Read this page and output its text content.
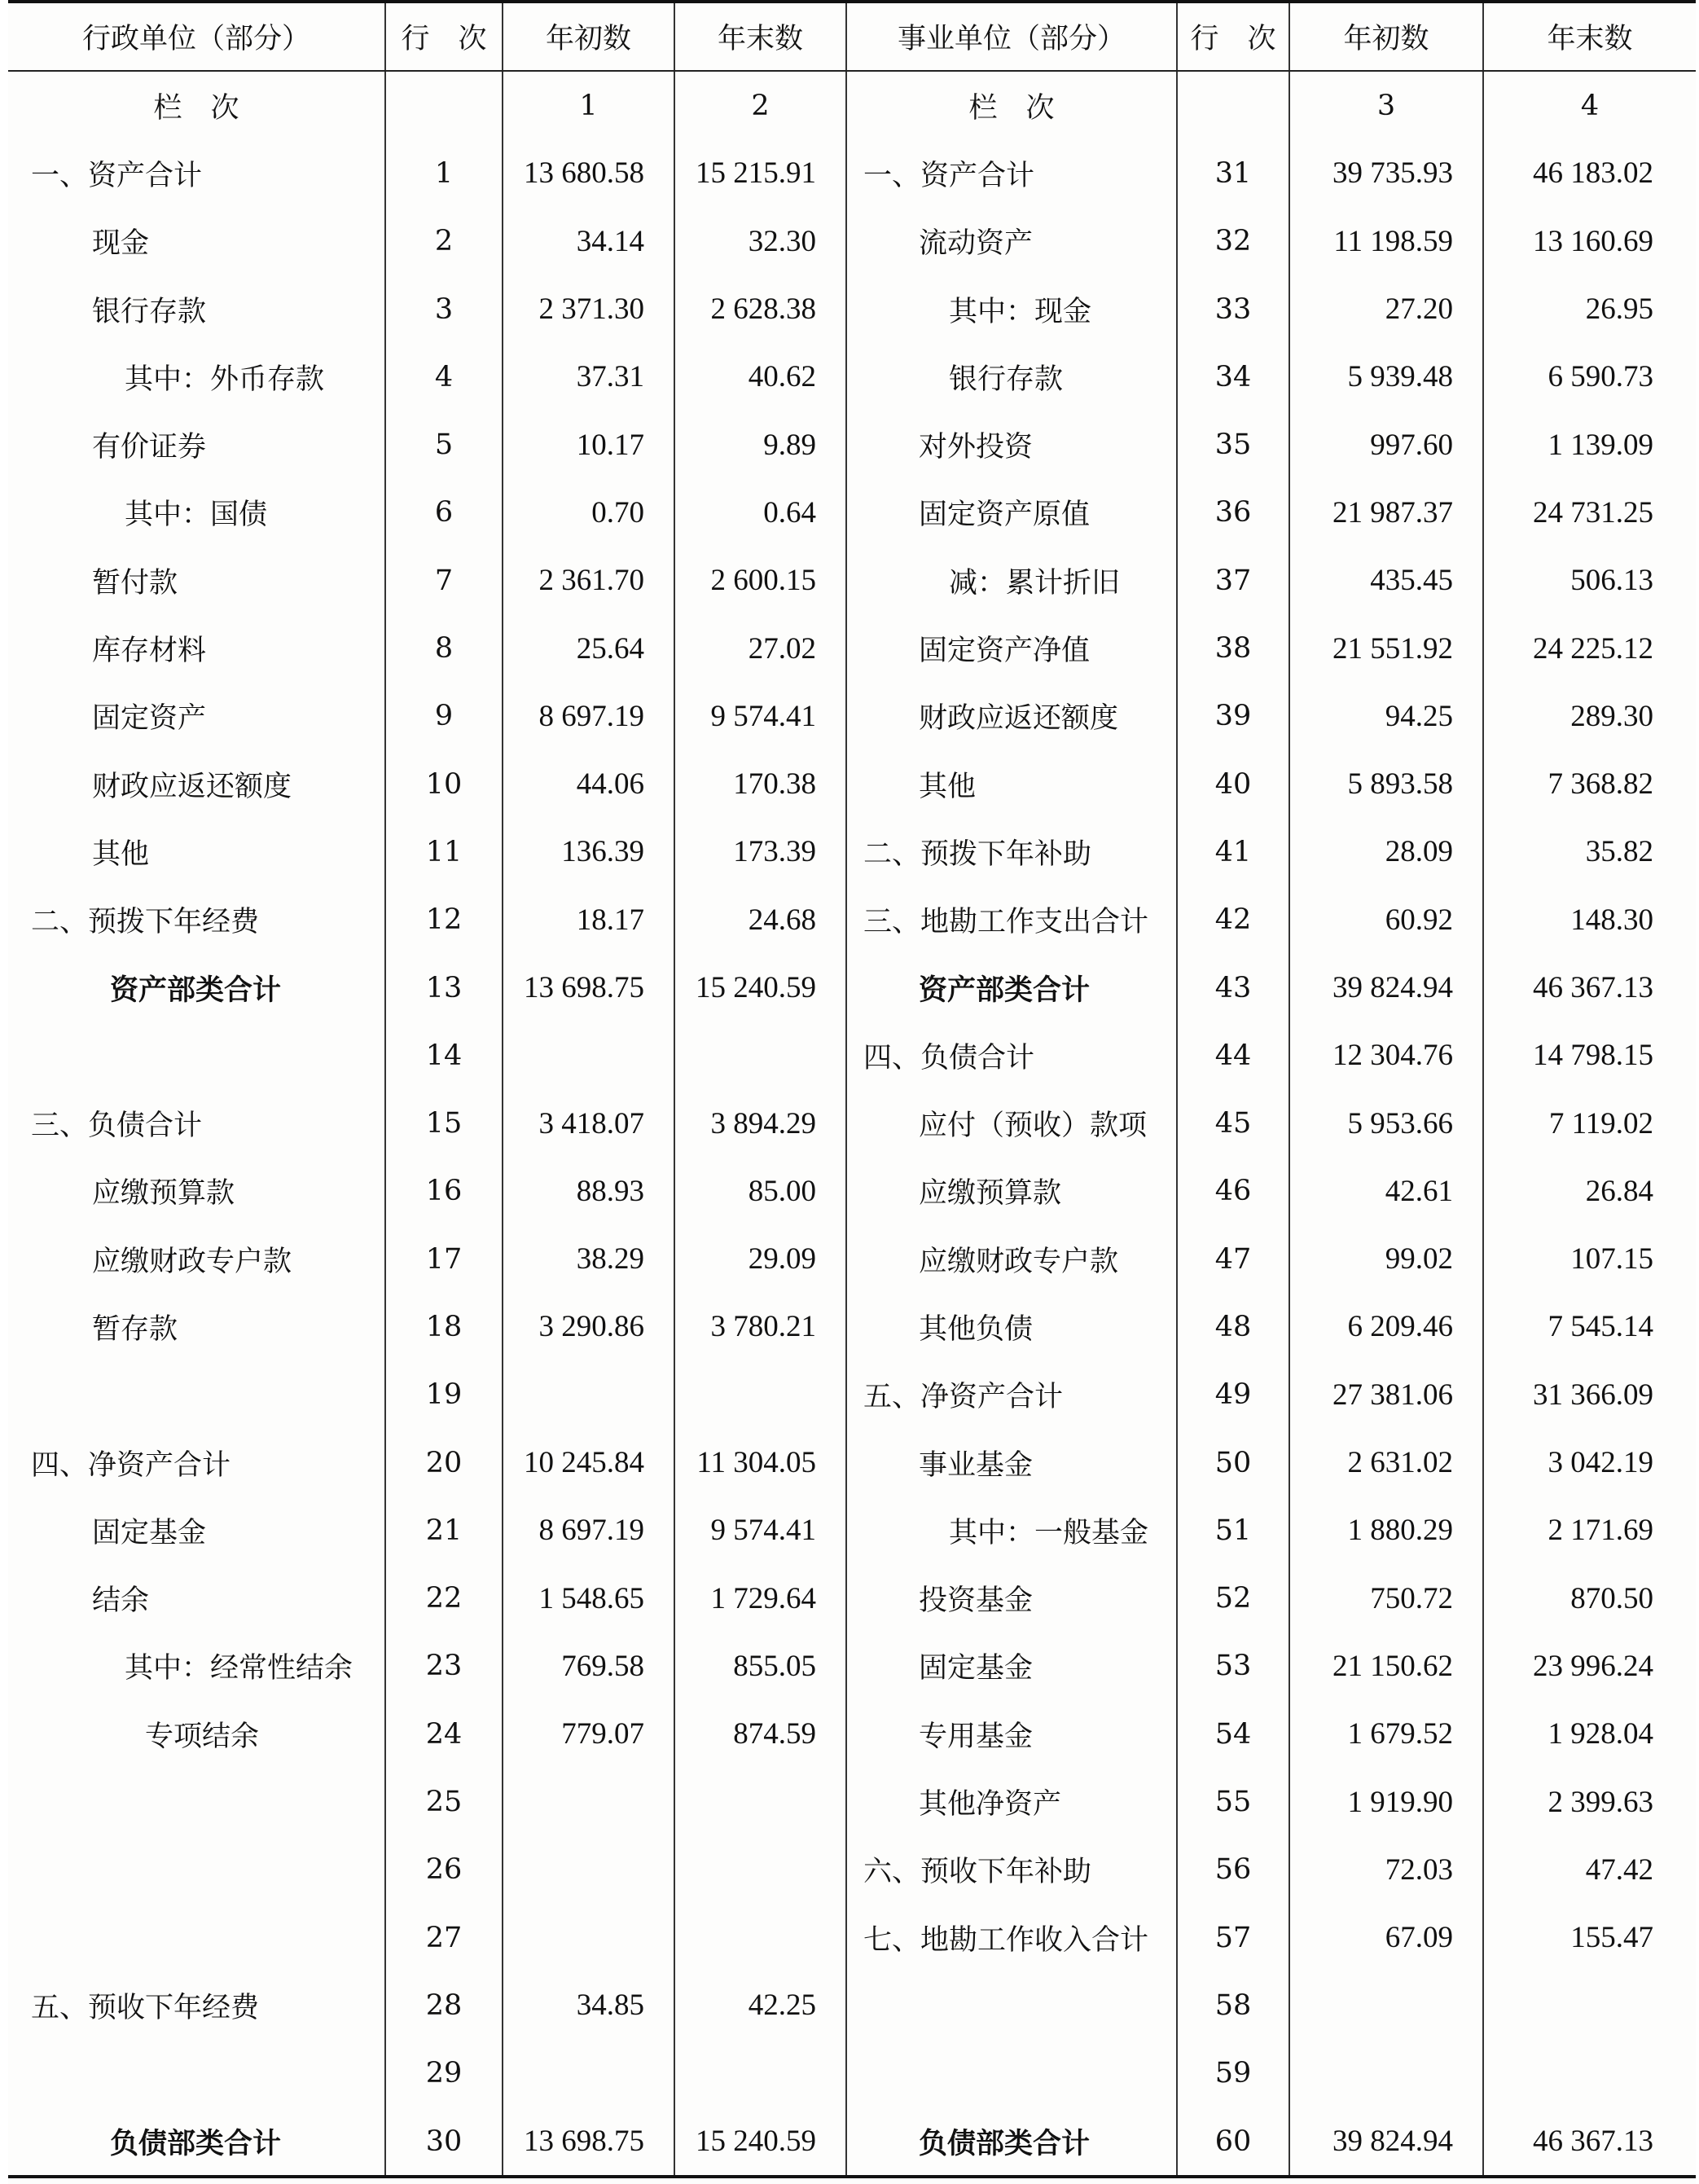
行政单位（部分）	行　次	年初数	年末数	事业单位（部分）	行　次	年初数	年末数
栏　次		1	2	栏　次		3	4
一、资产合计	1	13 680.58	15 215.91	一、资产合计	31	39 735.93	46 183.02
现金	2	34.14	32.30	流动资产	32	11 198.59	13 160.69
银行存款	3	2 371.30	2 628.38	其中：现金	33	27.20	26.95
其中：外币存款	4	37.31	40.62	银行存款	34	5 939.48	6 590.73
有价证券	5	10.17	9.89	对外投资	35	997.60	1 139.09
其中：国债	6	0.70	0.64	固定资产原值	36	21 987.37	24 731.25
暂付款	7	2 361.70	2 600.15	减：累计折旧	37	435.45	506.13
库存材料	8	25.64	27.02	固定资产净值	38	21 551.92	24 225.12
固定资产	9	8 697.19	9 574.41	财政应返还额度	39	94.25	289.30
财政应返还额度	10	44.06	170.38	其他	40	5 893.58	7 368.82
其他	11	136.39	173.39	二、预拨下年补助	41	28.09	35.82
二、预拨下年经费	12	18.17	24.68	三、地勘工作支出合计	42	60.92	148.30
资产部类合计	13	13 698.75	15 240.59	资产部类合计	43	39 824.94	46 367.13
	14			四、负债合计	44	12 304.76	14 798.15
三、负债合计	15	3 418.07	3 894.29	应付（预收）款项	45	5 953.66	7 119.02
应缴预算款	16	88.93	85.00	应缴预算款	46	42.61	26.84
应缴财政专户款	17	38.29	29.09	应缴财政专户款	47	99.02	107.15
暂存款	18	3 290.86	3 780.21	其他负债	48	6 209.46	7 545.14
	19			五、净资产合计	49	27 381.06	31 366.09
四、净资产合计	20	10 245.84	11 304.05	事业基金	50	2 631.02	3 042.19
固定基金	21	8 697.19	9 574.41	其中：一般基金	51	1 880.29	2 171.69
结余	22	1 548.65	1 729.64	投资基金	52	750.72	870.50
其中：经常性结余	23	769.58	855.05	固定基金	53	21 150.62	23 996.24
专项结余	24	779.07	874.59	专用基金	54	1 679.52	1 928.04
	25			其他净资产	55	1 919.90	2 399.63
	26			六、预收下年补助	56	72.03	47.42
	27			七、地勘工作收入合计	57	67.09	155.47
五、预收下年经费	28	34.85	42.25		58		
	29				59		
负债部类合计	30	13 698.75	15 240.59	负债部类合计	60	39 824.94	46 367.13
